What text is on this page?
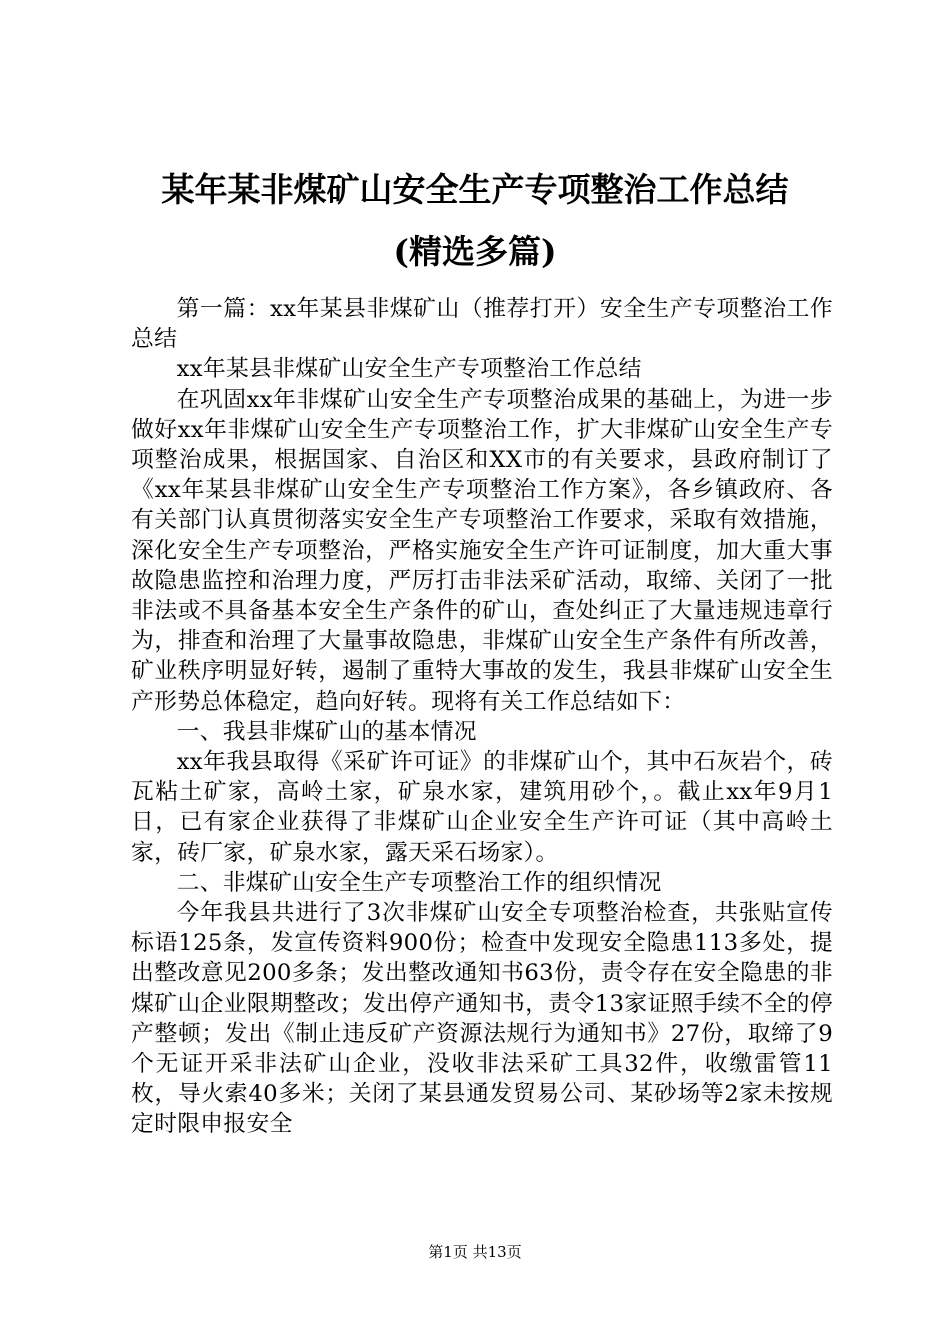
某年某非煤矿山安全生产专项整治工作总结
(精选多篇)

第一篇：xx年某县非煤矿山（推荐打开）安全生产专项整治工作总结

xx年某县非煤矿山安全生产专项整治工作总结

在巩固xx年非煤矿山安全生产专项整治成果的基础上，为进一步做好xx年非煤矿山安全生产专项整治工作，扩大非煤矿山安全生产专项整治成果，根据国家、自治区和XX市的有关要求，县政府制订了《xx年某县非煤矿山安全生产专项整治工作方案》，各乡镇政府、各有关部门认真贯彻落实安全生产专项整治工作要求，采取有效措施，深化安全生产专项整治，严格实施安全生产许可证制度，加大重大事故隐患监控和治理力度，严厉打击非法采矿活动，取缔、关闭了一批非法或不具备基本安全生产条件的矿山，查处纠正了大量违规违章行为，排查和治理了大量事故隐患，非煤矿山安全生产条件有所改善，矿业秩序明显好转，遏制了重特大事故的发生，我县非煤矿山安全生产形势总体稳定，趋向好转。现将有关工作总结如下：

一、我县非煤矿山的基本情况

xx年我县取得《采矿许可证》的非煤矿山个，其中石灰岩个，砖瓦粘土矿家，高岭土家，矿泉水家，建筑用砂个，。截止xx年9月1日，已有家企业获得了非煤矿山企业安全生产许可证（其中高岭土家，砖厂家，矿泉水家，露天采石场家）。

二、非煤矿山安全生产专项整治工作的组织情况

今年我县共进行了3次非煤矿山安全专项整治检查，共张贴宣传标语125条，发宣传资料900份；检查中发现安全隐患113多处，提出整改意见200多条；发出整改通知书63份，责令存在安全隐患的非煤矿山企业限期整改；发出停产通知书，责令13家证照手续不全的停产整顿；发出《制止违反矿产资源法规行为通知书》27份，取缔了9个无证开采非法矿山企业，没收非法采矿工具32件，收缴雷管11枚，导火索40多米；关闭了某县通发贸易公司、某砂场等2家未按规定时限申报安全

第1页 共13页
